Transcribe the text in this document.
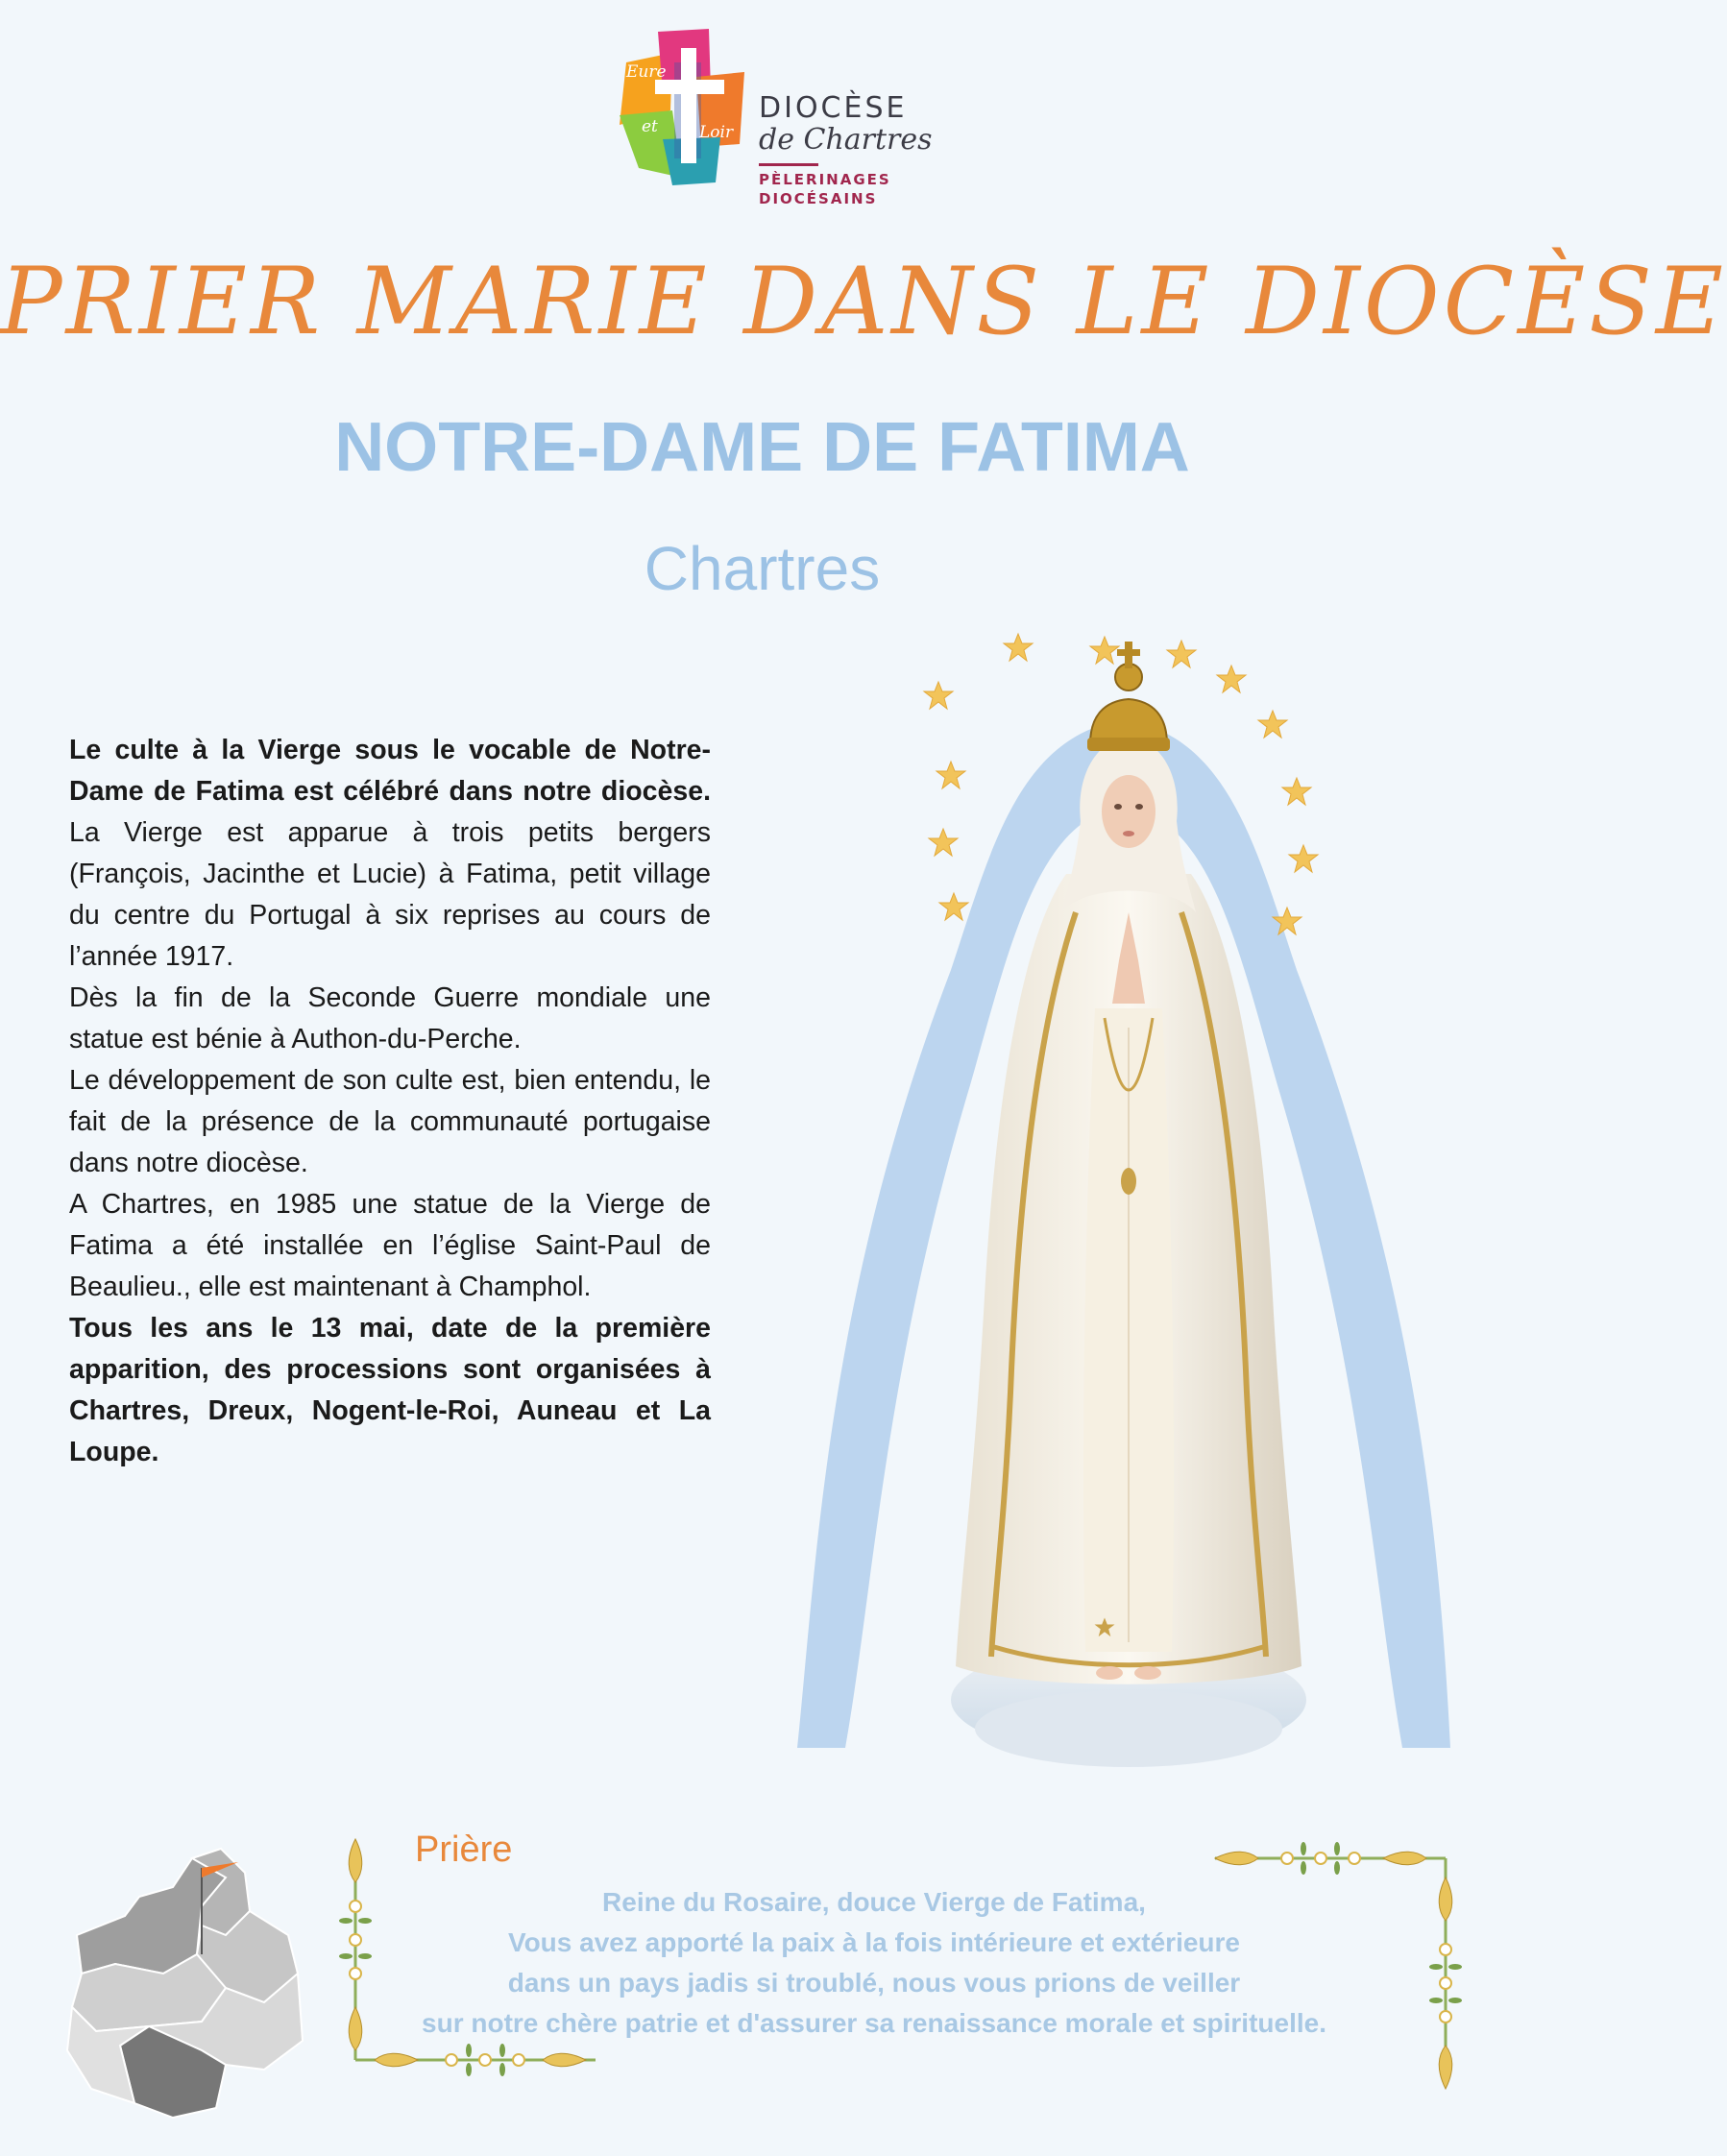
Eure
et	Loir
DIOCÈSE
de Chartres
PÈLERINAGES
DIOCÉSAINS
PRIER MARIE DANS LE DIOCÈSE
NOTRE-DAME DE FATIMA
Chartres

Le culte à la Vierge sous le vocable de Notre-Dame de Fatima est célébré dans notre diocèse. La Vierge est apparue à trois petits bergers (François, Jacinthe et Lucie) à Fatima, petit village du centre du Portugal à six reprises au cours de l’année 1917.

Dès la fin de la Seconde Guerre mondiale une statue est bénie à Authon-du-Perche.

Le développement de son culte est, bien entendu, le fait de la présence de la communauté portugaise dans notre diocèse.

A Chartres, en 1985 une statue de la Vierge de Fatima a été installée en l’église Saint-Paul de Beaulieu., elle est maintenant à Champhol.

Tous les ans le 13 mai, date de la première apparition, des processions sont organisées à Chartres, Dreux, Nogent-le-Roi, Auneau et La Loupe.

Prière
Reine du Rosaire, douce Vierge de Fatima,
Vous avez apporté la paix à la fois intérieure et extérieure
dans un pays jadis si troublé, nous vous prions de veiller
sur notre chère patrie et d'assurer sa renaissance morale et spirituelle.
